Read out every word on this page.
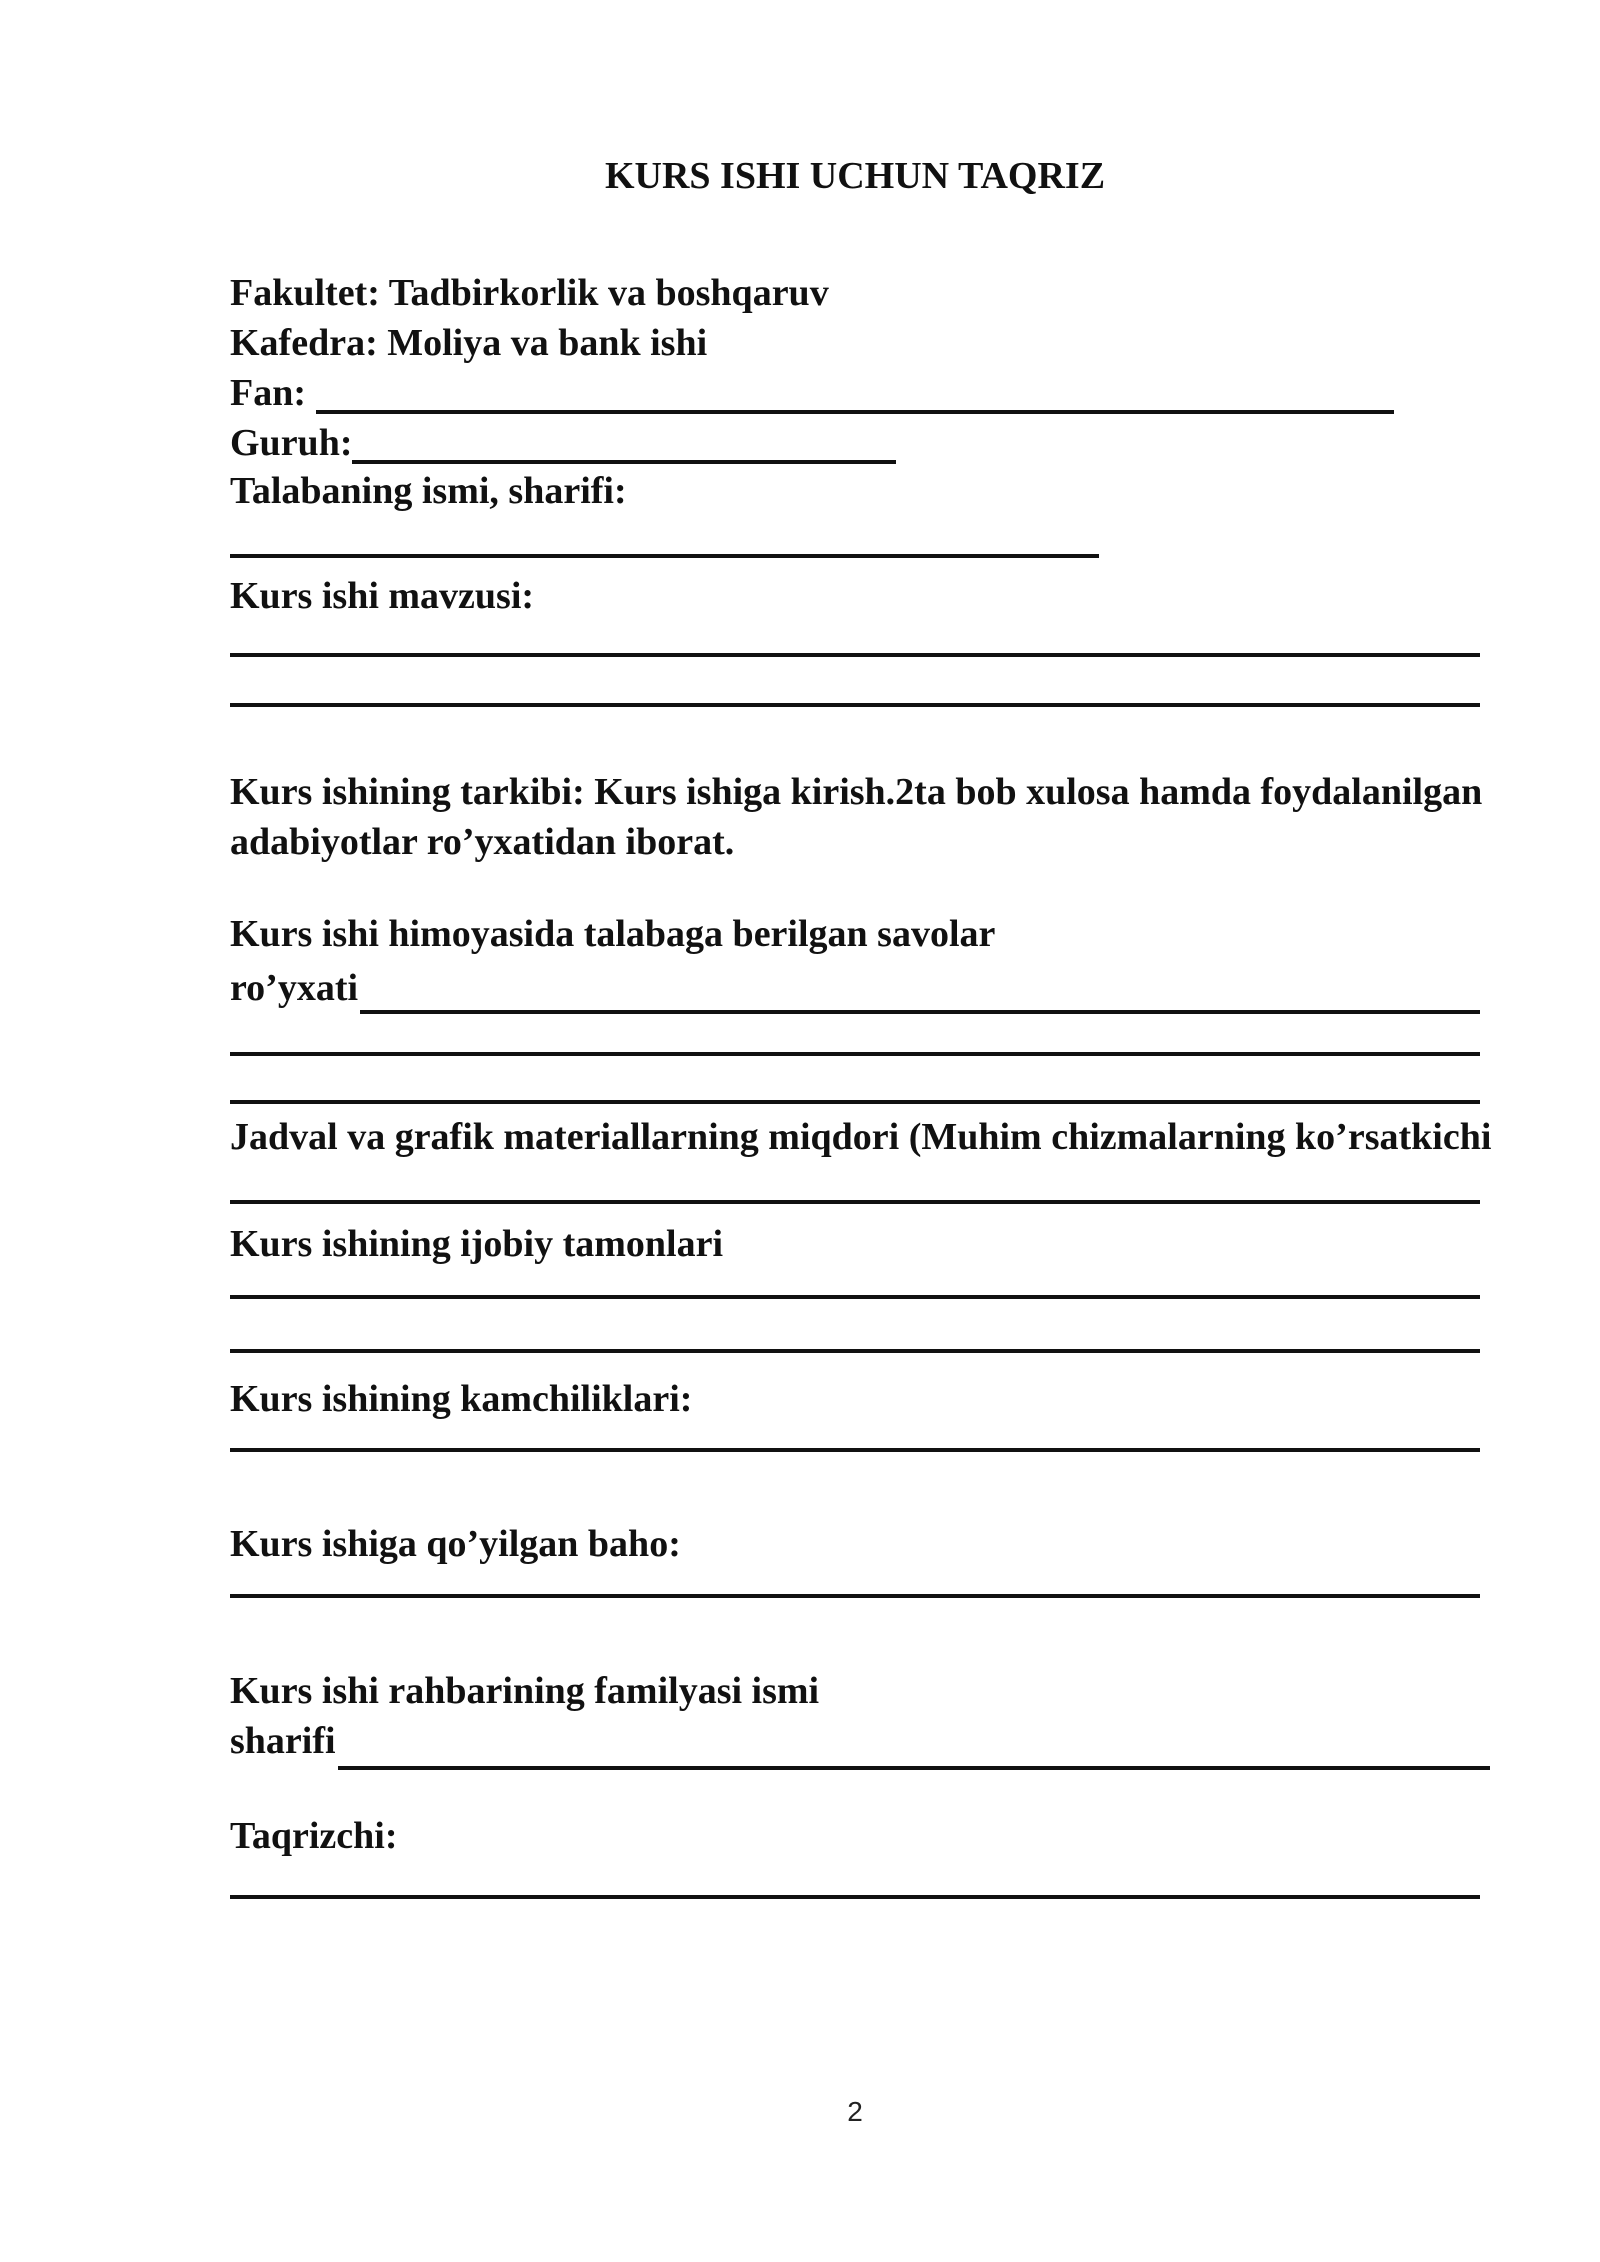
KURS ISHI UCHUN TAQRIZ
Fakultet: Tadbirkorlik va boshqaruv
Kafedra: Moliya va bank ishi
Fan:
Guruh:
Talabaning ismi, sharifi:
Kurs ishi mavzusi:
Kurs ishining tarkibi: Kurs ishiga kirish.2ta bob xulosa hamda foydalanilgan
adabiyotlar ro’yxatidan iborat.
Kurs ishi himoyasida talabaga berilgan savolar
ro’yxati
Jadval va grafik materiallarning miqdori (Muhim chizmalarning ko’rsatkichi
Kurs ishining ijobiy tamonlari
Kurs ishining kamchiliklari:
Kurs ishiga qo’yilgan baho:
Kurs ishi rahbarining familyasi ismi
sharifi
Taqrizchi:
2
